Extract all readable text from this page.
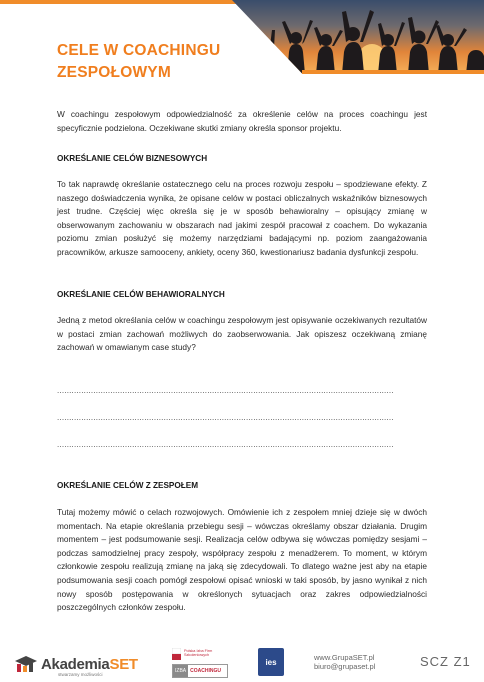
CELE W COACHINGU
ZESPOŁOWYM
W coachingu zespołowym odpowiedzialność za określenie celów na proces coachingu jest specyficznie podzielona. Oczekiwane skutki zmiany określa sponsor projektu.
OKREŚLANIE CELÓW BIZNESOWYCH
To tak naprawdę określanie ostatecznego celu na proces rozwoju zespołu – spodziewane efekty. Z naszego doświadczenia wynika, że opisane celów w postaci obliczalnych wskaźników biznesowych jest trudne. Częściej więc określa się je w sposób behawioralny – opisujący zmianę w obserwowanym zachowaniu w obszarach nad jakimi zespół pracował z coachem. Do wykazania poziomu zmian posłużyć się możemy narzędziami badającymi np. poziom zaangażowania pracowników, arkusze samooceny, ankiety, oceny 360, kwestionariusz badania dysfunkcji zespołu.
OKREŚLANIE CELÓW BEHAWIORALNYCH
Jedną z metod określania celów w coachingu zespołowym jest opisywanie oczekiwanych rezultatów w postaci zmian zachowań możliwych do zaobserwowania. Jak opiszesz oczekiwaną zmianę zachowań w omawianym case study?
...........................................................................................................................................
...........................................................................................................................................
...........................................................................................................................................
OKREŚLANIE CELÓW Z ZESPOŁEM
Tutaj możemy mówić o celach rozwojowych. Omówienie ich z zespołem mniej dzieje się w dwóch momentach. Na etapie określania przebiegu sesji – wówczas określamy obszar działania. Drugim momentem – jest podsumowanie sesji. Realizacja celów odbywa się wówczas pomiędzy sesjami – podczas samodzielnej pracy zespoły, współpracy zespołu z menadżerem. To moment, w którym członkowie zespołu realizują zmianę na jaką się zdecydowali. To dlatego ważne jest aby na etapie podsumowania sesji coach pomógł zespołowi opisać wnioski w taki sposób, by jasno wynikał z nich nowy sposób postępowania w określonych sytuacjach oraz zakres odpowiedzialności poszczególnych członków zespołu.
AkademiaSET
stwarzamy możliwości
Polska Izba Firm Szkoleniowych
IZBA COACHINGU
ies	www.GrupaSET.pl
biuro@grupaset.pl	SCZ Z1
